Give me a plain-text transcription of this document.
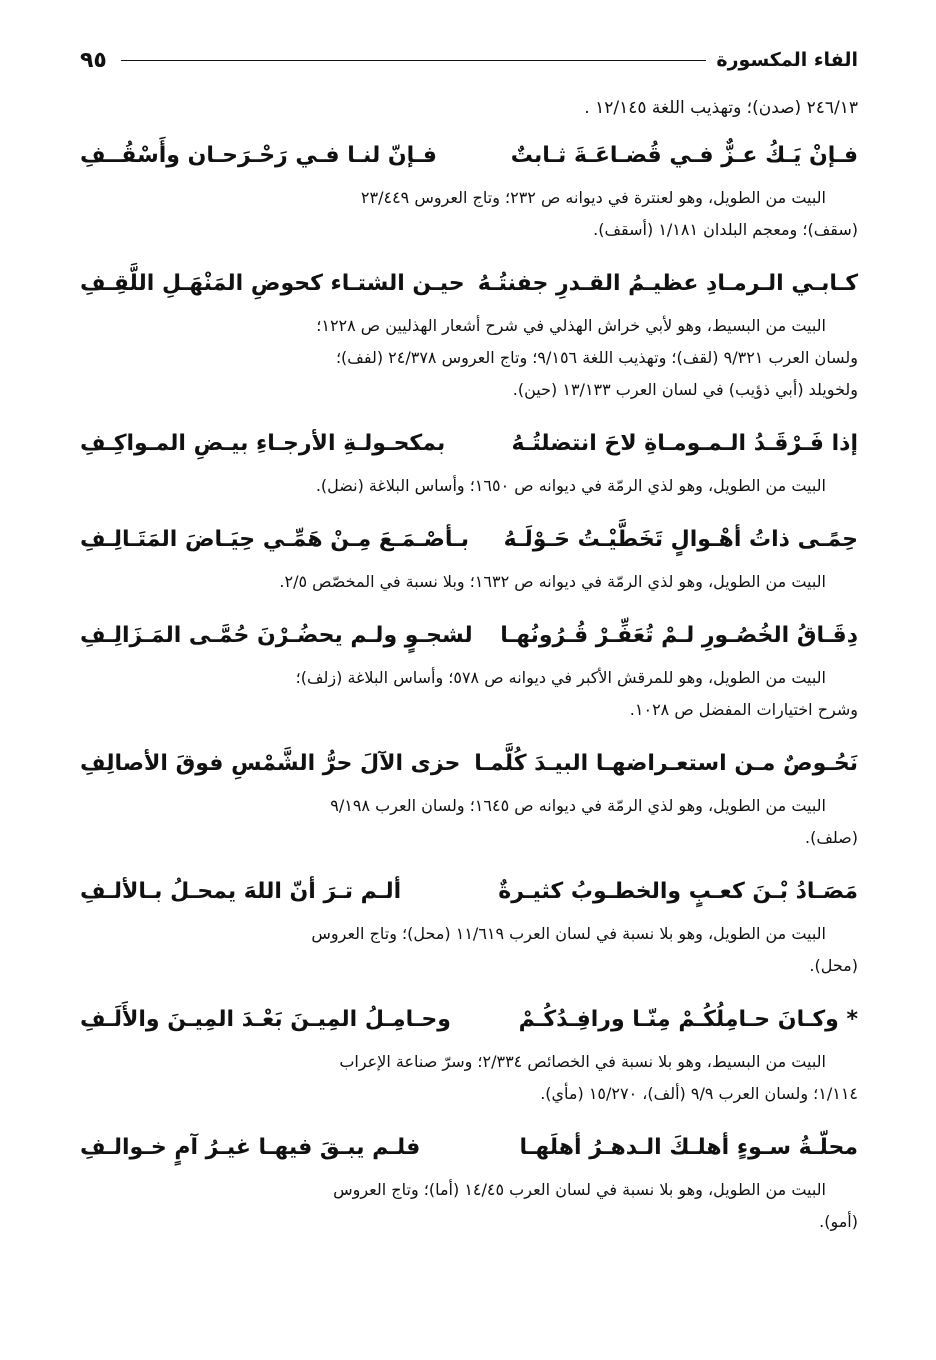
الفاء المكسورة
٩٥
٢٤٦/١٣ (صدن)؛ وتهذيب اللغة ١٢/١٤٥ .
فـإنْ يَـكُ عـزٌّ فـي قُضـاعَـةَ ثـابتٌ
فـإنّ لنـا فـي رَحْـرَحـان وأَسْقُــفِ
البيت من الطويل، وهو لعنترة في ديوانه ص ٢٣٢؛ وتاج العروس ٢٣/٤٤٩
(سقف)؛ ومعجم البلدان ١/١٨١ (أسقف).
كـابـي الـرمـادِ عظيـمُ القـدرِ جفنتُـهُ
حيـن الشتـاء كحوضِ المَنْهَـلِ اللَّقِـفِ
البيت من البسيط، وهو لأبي خراش الهذلي في شرح أشعار الهذليين ص ١٢٢٨؛
ولسان العرب ٩/٣٢١ (لقف)؛ وتهذيب اللغة ٩/١٥٦؛ وتاج العروس ٢٤/٣٧٨ (لفف)؛
ولخويلد (أبي ذؤيب) في لسان العرب ١٣/١٣٣ (حين).
إذا فَـرْقَـدُ الـمـومـاةِ لاحَ انتضلتُـهُ
بمكحـولـةِ الأرجـاءِ بيـضِ المـواكِـفِ
البيت من الطويل، وهو لذي الرمّة في ديوانه ص ١٦٥٠؛ وأساس البلاغة (نضل).
حِمًـى ذاتُ أهْـوالٍ تَخَطَّيْـتُ حَـوْلَـهُ
بـأصْـمَـعَ مِـنْ هَمِّـي حِيَـاضَ المَتَـالِـفِ
البيت من الطويل، وهو لذي الرمّة في ديوانه ص ١٦٣٢؛ وبلا نسبة في المخصّص ٢/٥.
دِقَـاقُ الخُصُـورِ لـمْ تُعَفِّـرْ قُـرُونُهـا
لشجـوٍ ولـم يحضُـرْنَ حُمَّـى المَـزَالِـفِ
البيت من الطويل، وهو للمرقش الأكبر في ديوانه ص ٥٧٨؛ وأساس البلاغة (زلف)؛
وشرح اختيارات المفضل ص ١٠٢٨.
نَحُـوصٌ مـن استعـراضهـا البيـدَ كُلَّمـا
حزى الآلَ حرُّ الشَّمْسِ فوقَ الأصالِفِ
البيت من الطويل، وهو لذي الرمّة في ديوانه ص ١٦٤٥؛ ولسان العرب ٩/١٩٨
(صلف).
مَصَـادُ بْـنَ كعـبٍ والخطـوبُ كثيـرةٌ
ألـم تـرَ أنّ اللهَ يمحـلُ بـالألـفِ
البيت من الطويل، وهو بلا نسبة في لسان العرب ١١/٦١٩ (محل)؛ وتاج العروس
(محل).
* وكـانَ حـامِلُكُـمْ مِنّـا ورافِـدُكُـمْ
وحـامِـلُ المِيـنَ بَعْـدَ المِيـنَ والأَلَـفِ
البيت من البسيط، وهو بلا نسبة في الخصائص ٢/٣٣٤؛ وسرّ صناعة الإعراب
١/١١٤؛ ولسان العرب ٩/٩ (ألف)، ١٥/٢٧٠ (مأي).
محلّـةُ سـوءٍ أهلـكَ الـدهـرُ أهلَهـا
فلـم يبـقَ فيهـا غيـرُ آمٍ خـوالـفِ
البيت من الطويل، وهو بلا نسبة في لسان العرب ١٤/٤٥ (أما)؛ وتاج العروس
(أمو).
